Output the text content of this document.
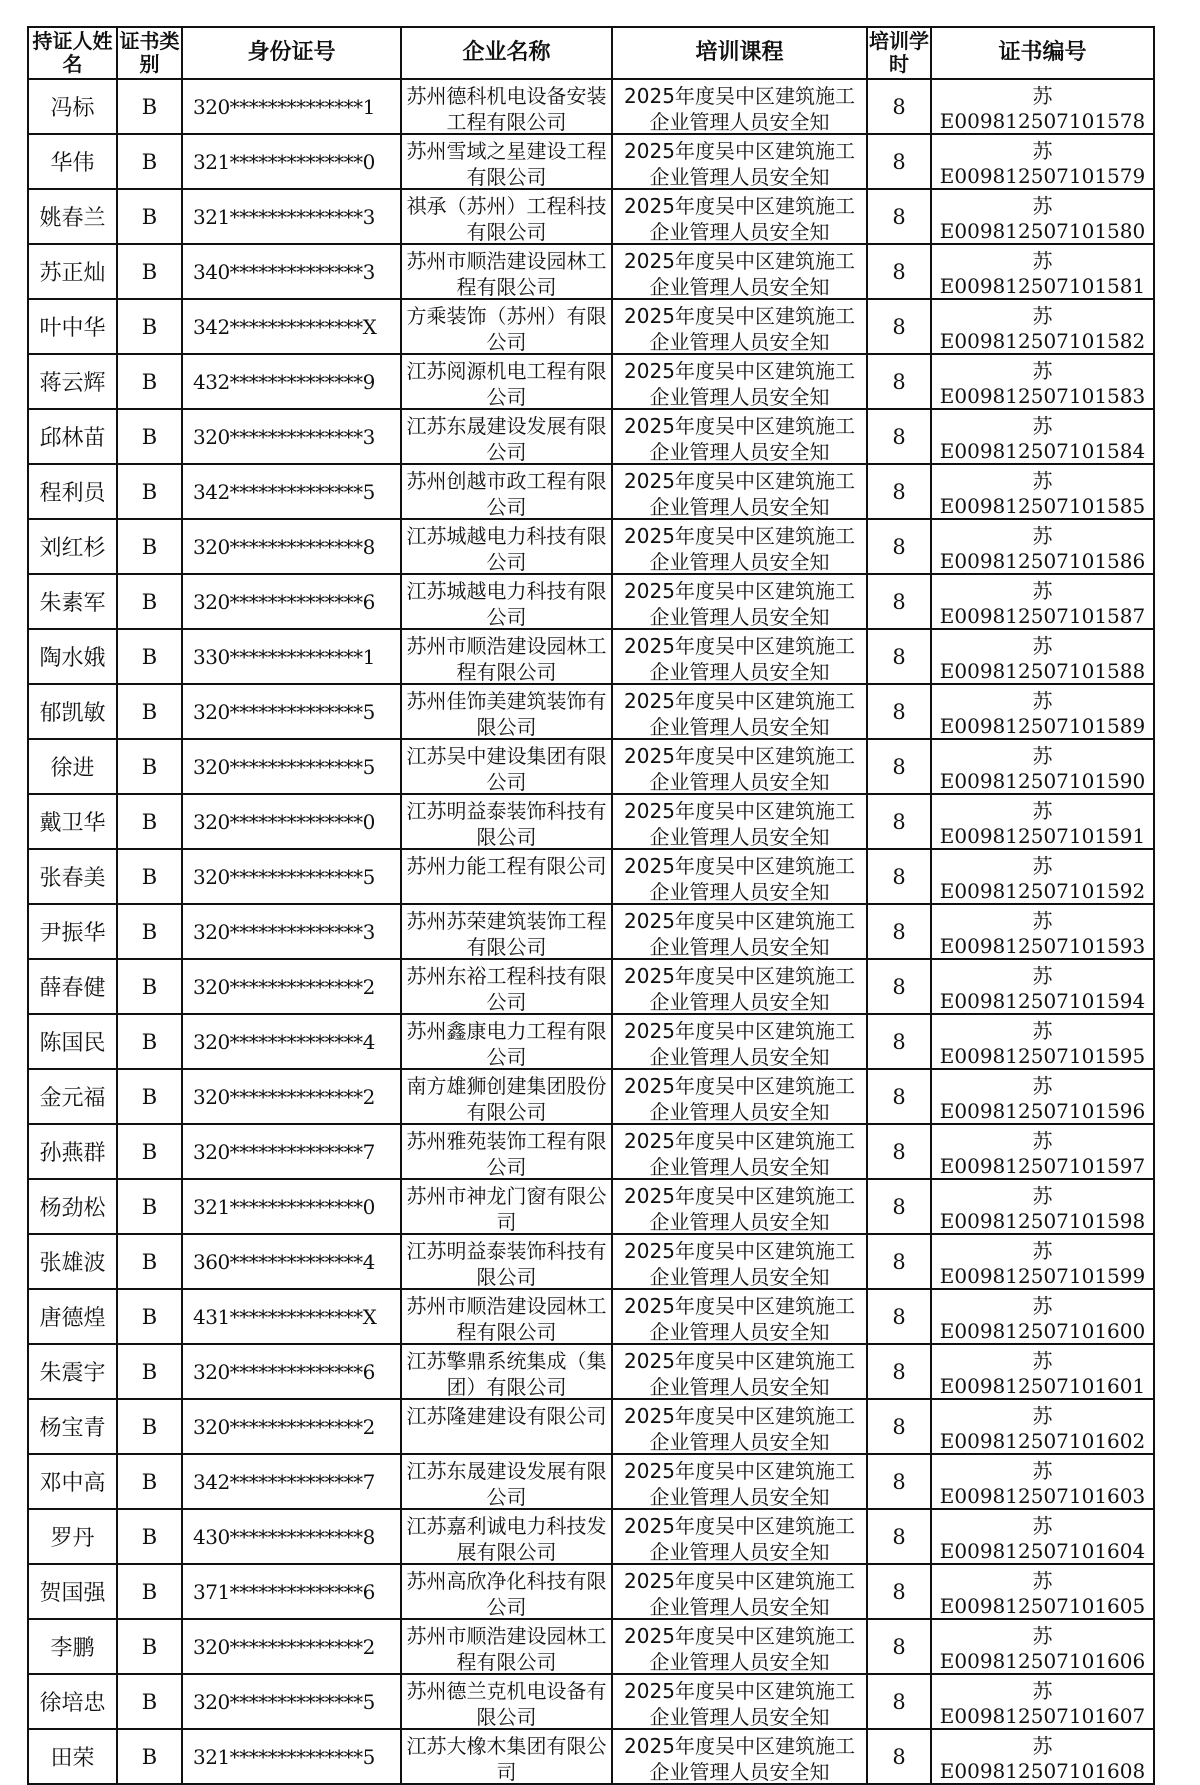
持证人姓名	证书类别	身份证号	企业名称	培训课程	培训学时	证书编号
冯标	B	320**************1	苏州德科机电设备安装工程有限公司	2025年度吴中区建筑施工企业管理人员安全知	8	苏E009812507101578
华伟	B	321**************0	苏州雪域之星建设工程有限公司	2025年度吴中区建筑施工企业管理人员安全知	8	苏E009812507101579
姚春兰	B	321**************3	祺承（苏州）工程科技有限公司	2025年度吴中区建筑施工企业管理人员安全知	8	苏E009812507101580
苏正灿	B	340**************3	苏州市顺浩建设园林工程有限公司	2025年度吴中区建筑施工企业管理人员安全知	8	苏E009812507101581
叶中华	B	342**************X	方乘装饰（苏州）有限公司	2025年度吴中区建筑施工企业管理人员安全知	8	苏E009812507101582
蒋云辉	B	432**************9	江苏阅源机电工程有限公司	2025年度吴中区建筑施工企业管理人员安全知	8	苏E009812507101583
邱林苗	B	320**************3	江苏东晟建设发展有限公司	2025年度吴中区建筑施工企业管理人员安全知	8	苏E009812507101584
程利员	B	342**************5	苏州创越市政工程有限公司	2025年度吴中区建筑施工企业管理人员安全知	8	苏E009812507101585
刘红杉	B	320**************8	江苏城越电力科技有限公司	2025年度吴中区建筑施工企业管理人员安全知	8	苏E009812507101586
朱素军	B	320**************6	江苏城越电力科技有限公司	2025年度吴中区建筑施工企业管理人员安全知	8	苏E009812507101587
陶水娥	B	330**************1	苏州市顺浩建设园林工程有限公司	2025年度吴中区建筑施工企业管理人员安全知	8	苏E009812507101588
郁凯敏	B	320**************5	苏州佳饰美建筑装饰有限公司	2025年度吴中区建筑施工企业管理人员安全知	8	苏E009812507101589
徐进	B	320**************5	江苏吴中建设集团有限公司	2025年度吴中区建筑施工企业管理人员安全知	8	苏E009812507101590
戴卫华	B	320**************0	江苏明益泰装饰科技有限公司	2025年度吴中区建筑施工企业管理人员安全知	8	苏E009812507101591
张春美	B	320**************5	苏州力能工程有限公司	2025年度吴中区建筑施工企业管理人员安全知	8	苏E009812507101592
尹振华	B	320**************3	苏州苏荣建筑装饰工程有限公司	2025年度吴中区建筑施工企业管理人员安全知	8	苏E009812507101593
薛春健	B	320**************2	苏州东裕工程科技有限公司	2025年度吴中区建筑施工企业管理人员安全知	8	苏E009812507101594
陈国民	B	320**************4	苏州鑫康电力工程有限公司	2025年度吴中区建筑施工企业管理人员安全知	8	苏E009812507101595
金元福	B	320**************2	南方雄狮创建集团股份有限公司	2025年度吴中区建筑施工企业管理人员安全知	8	苏E009812507101596
孙燕群	B	320**************7	苏州雅苑装饰工程有限公司	2025年度吴中区建筑施工企业管理人员安全知	8	苏E009812507101597
杨劲松	B	321**************0	苏州市神龙门窗有限公司	2025年度吴中区建筑施工企业管理人员安全知	8	苏E009812507101598
张雄波	B	360**************4	江苏明益泰装饰科技有限公司	2025年度吴中区建筑施工企业管理人员安全知	8	苏E009812507101599
唐德煌	B	431**************X	苏州市顺浩建设园林工程有限公司	2025年度吴中区建筑施工企业管理人员安全知	8	苏E009812507101600
朱震宇	B	320**************6	江苏擎鼎系统集成（集团）有限公司	2025年度吴中区建筑施工企业管理人员安全知	8	苏E009812507101601
杨宝青	B	320**************2	江苏隆建建设有限公司	2025年度吴中区建筑施工企业管理人员安全知	8	苏E009812507101602
邓中高	B	342**************7	江苏东晟建设发展有限公司	2025年度吴中区建筑施工企业管理人员安全知	8	苏E009812507101603
罗丹	B	430**************8	江苏嘉利诚电力科技发展有限公司	2025年度吴中区建筑施工企业管理人员安全知	8	苏E009812507101604
贺国强	B	371**************6	苏州高欣净化科技有限公司	2025年度吴中区建筑施工企业管理人员安全知	8	苏E009812507101605
李鹏	B	320**************2	苏州市顺浩建设园林工程有限公司	2025年度吴中区建筑施工企业管理人员安全知	8	苏E009812507101606
徐培忠	B	320**************5	苏州德兰克机电设备有限公司	2025年度吴中区建筑施工企业管理人员安全知	8	苏E009812507101607
田荣	B	321**************5	江苏大橡木集团有限公司	2025年度吴中区建筑施工企业管理人员安全知	8	苏E009812507101608
